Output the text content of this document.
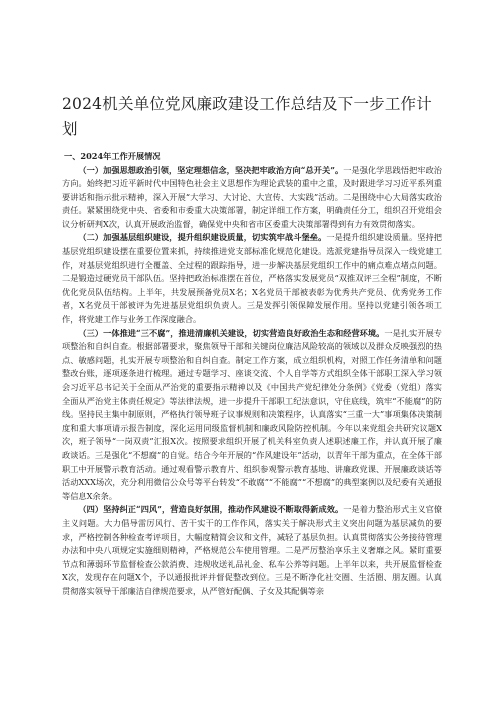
2024机关单位党风廉政建设工作总结及下一步工作计划

一、2024年工作开展情况

（一）加强思想政治引领，坚定理想信念，坚决把牢政治方向“总开关”。一是强化学思践悟把牢政治方向。始终把习近平新时代中国特色社会主义思想作为理论武装的重中之重，及时跟进学习习近平系列重要讲话和指示批示精神，深入开展“大学习、大讨论、大宣传、大实践”活动。二是围绕中心大局落实政治责任。紧紧围绕党中央、省委和市委重大决策部署，制定详细工作方案，明确责任分工，组织召开党组会议分析研判X次，认真开展政治监督，确保党中央和省市区委重大决策部署得到有力有效贯彻落实。

（二）加强基层组织建设，提升组织建设质量，切实筑牢战斗堡垒。一是提升组织建设质量。坚持把基层党组织建设摆在重要位置来抓，持续推进党支部标准化规范化建设。选派党建指导员深入一线党建工作，对基层党组织进行全覆盖、全过程的跟踪指导，进一步解决基层党组织工作中的痛点难点堵点问题。二是锻造过硬党员干部队伍。坚持把政治标准摆在首位，严格落实发展党员“双推双评三全程”制度，不断优化党员队伍结构。上半年，共发展预备党员X名；X名党员干部被表彰为优秀共产党员、优秀党务工作者，X名党员干部被评为先进基层党组织负责人。三是发挥引领保障发展作用。坚持以党建引领各项工作，将党建工作与业务工作深度融合。

（三）一体推进“三不腐”，推进清廉机关建设，切实营造良好政治生态和经营环境。一是扎实开展专项整治和自纠自查。根据部署要求，聚焦领导干部和关键岗位廉洁风险较高的领域以及群众反映强烈的热点、敏感问题，扎实开展专项整治和自纠自查。制定工作方案，成立组织机构，对照工作任务清单和问题整改台账，逐项逐条进行梳理。通过专题学习、座谈交流、个人自学等方式组织全体干部职工深入学习领会习近平总书记关于全面从严治党的重要指示精神以及《中国共产党纪律处分条例》《党委（党组）落实全面从严治党主体责任规定》等法律法规，进一步提升干部职工纪法意识，守住底线，筑牢“不能腐”的防线。坚持民主集中制原则，严格执行领导班子议事规则和决策程序，认真落实“三重一大”事项集体决策制度和重大事项请示报告制度，深化运用同级监督机制和廉政风险防控机制。今年以来党组会共研究议题X次，班子领导“一岗双责”汇报X次。按照要求组织开展了机关科室负责人述职述廉工作，并认真开展了廉政谈话。三是强化“不想腐”的自觉。结合今年开展的“作风建设年”活动，以青年干部为重点，在全体干部职工中开展警示教育活动。通过观看警示教育片、组织参观警示教育基地、讲廉政党课、开展廉政谈话等活动XXX场次，充分利用微信公众号等平台转发“不敢腐”“不能腐”“不想腐”的典型案例以及纪委有关通报等信息X余条。

（四）坚持纠正“四风”，营造良好氛围，推动作风建设不断取得新成效。一是着力整治形式主义官僚主义问题。大力倡导雷厉风行、苦干实干的工作作风，落实关于解决形式主义突出问题为基层减负的要求，严格控制各种检查考评项目，大幅度精简会议和文件，减轻了基层负担。认真贯彻落实公务接待管理办法和中央八项规定实施细则精神，严格规范公车使用管理。二是严厉整治享乐主义奢靡之风。紧盯重要节点和薄弱环节监督检查公款消费、违规收送礼品礼金、私车公养等问题。上半年以来，共开展监督检查X次，发现存在问题X个，予以通报批评并督促整改到位。三是不断净化社交圈、生活圈、朋友圈。认真贯彻落实领导干部廉洁自律规范要求，从严管好配偶、子女及其配偶等亲
